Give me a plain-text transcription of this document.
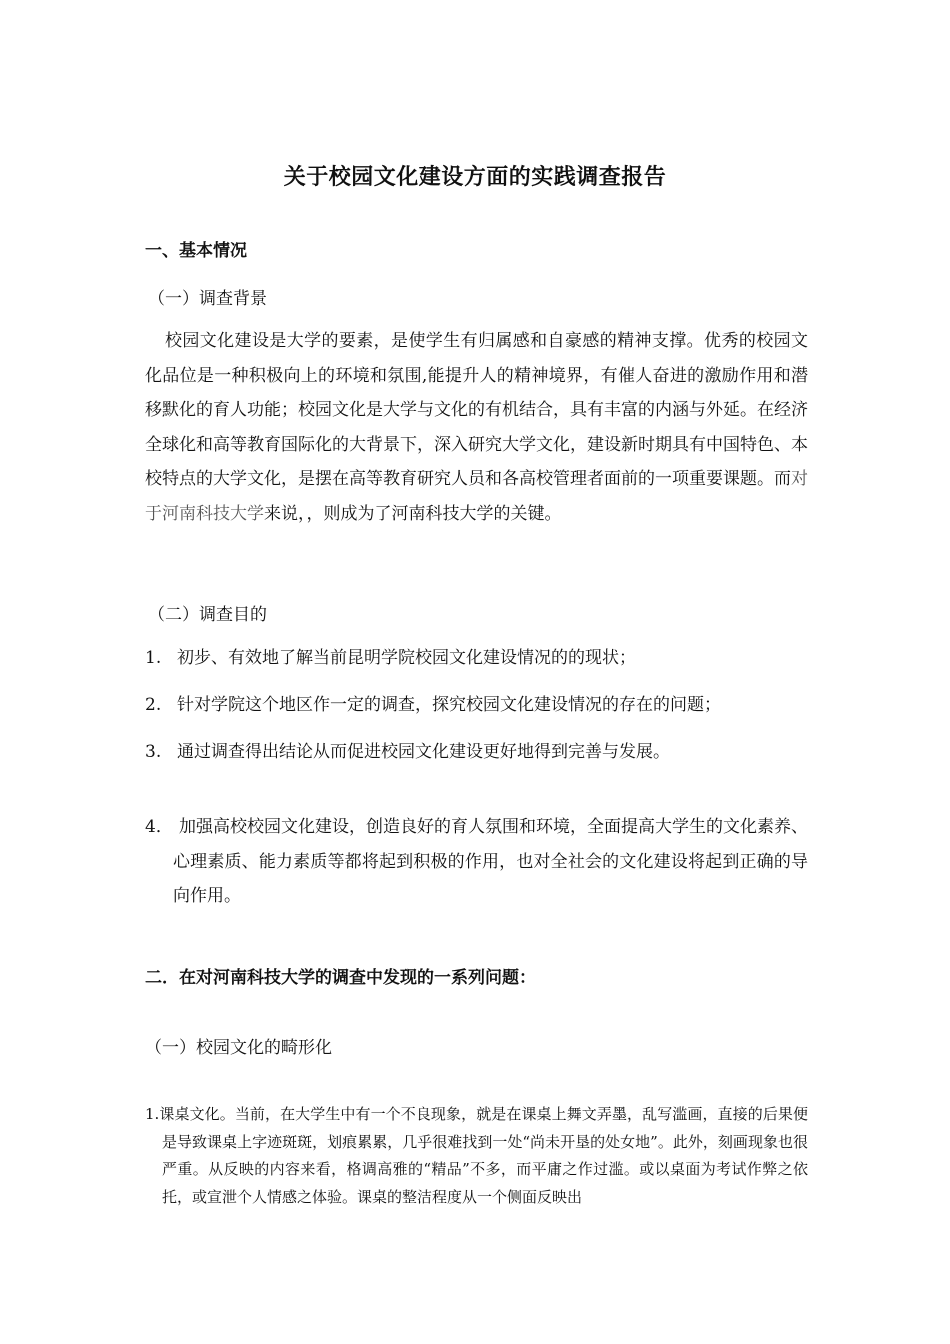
关于校园文化建设方面的实践调查报告
一、基本情况
（一）调查背景

校园文化建设是大学的要素，是使学生有归属感和自豪感的精神支撑。优秀的校园文化品位是一种积极向上的环境和氛围,能提升人的精神境界，有催人奋进的激励作用和潜移默化的育人功能；校园文化是大学与文化的有机结合，具有丰富的内涵与外延。在经济全球化和高等教育国际化的大背景下，深入研究大学文化，建设新时期具有中国特色、本校特点的大学文化，是摆在高等教育研究人员和各高校管理者面前的一项重要课题。而对于河南科技大学来说，，则成为了河南科技大学的关键。

（二）调查目的
1. 初步、有效地了解当前昆明学院校园文化建设情况的的现状；
2. 针对学院这个地区作一定的调查，探究校园文化建设情况的存在的问题；
3. 通过调查得出结论从而促进校园文化建设更好地得到完善与发展。
4． 加强高校校园文化建设，创造良好的育人氛围和环境，全面提高大学生的文化素养、心理素质、能力素质等都将起到积极的作用，也对全社会的文化建设将起到正确的导向作用。
二．在对河南科技大学的调查中发现的一系列问题：
（一）校园文化的畸形化
1.课桌文化。当前，在大学生中有一个不良现象，就是在课桌上舞文弄墨，乱写滥画，直接的后果便是导致课桌上字迹斑斑，划痕累累，几乎很难找到一处“尚未开垦的处女地”。此外，刻画现象也很严重。从反映的内容来看，格调高雅的“精品”不多，而平庸之作过滥。或以桌面为考试作弊之依托，或宣泄个人情感之体验。课桌的整洁程度从一个侧面反映出
